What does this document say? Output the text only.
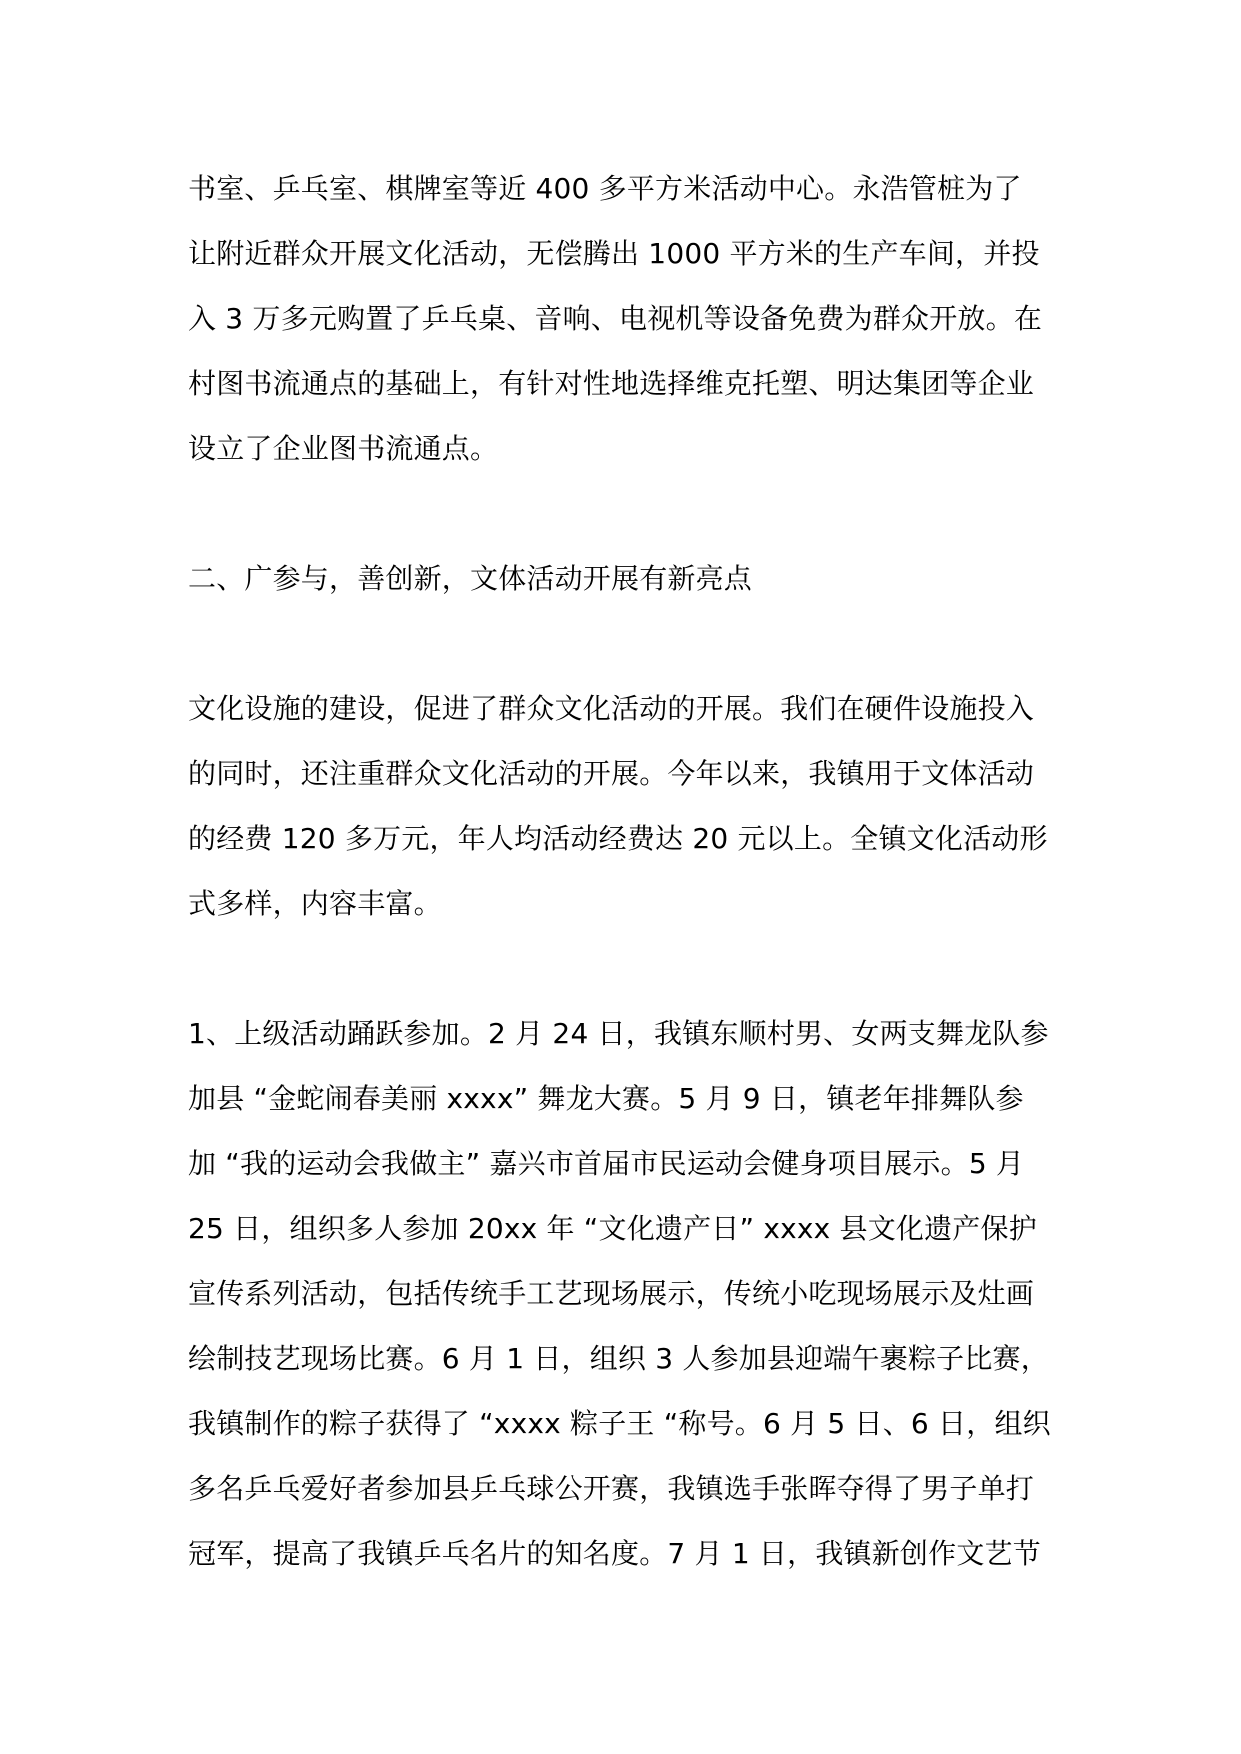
书室、乒乓室、棋牌室等近 400 多平方米活动中心。永浩管桩为了
让附近群众开展文化活动，无偿腾出 1000 平方米的生产车间，并投
入 3 万多元购置了乒乓桌、音响、电视机等设备免费为群众开放。在
村图书流通点的基础上，有针对性地选择维克托塑、明达集团等企业
设立了企业图书流通点。
二、广参与，善创新，文体活动开展有新亮点
文化设施的建设，促进了群众文化活动的开展。我们在硬件设施投入
的同时，还注重群众文化活动的开展。今年以来，我镇用于文体活动
的经费 120 多万元，年人均活动经费达 20 元以上。全镇文化活动形
式多样，内容丰富。
1、上级活动踊跃参加。2 月 24 日，我镇东顺村男、女两支舞龙队参
加县 “金蛇闹春美丽 xxxx” 舞龙大赛。5 月 9 日，镇老年排舞队参
加 “我的运动会我做主” 嘉兴市首届市民运动会健身项目展示。5 月
25 日，组织多人参加 20xx 年 “文化遗产日” xxxx 县文化遗产保护
宣传系列活动，包括传统手工艺现场展示，传统小吃现场展示及灶画
绘制技艺现场比赛。6 月 1 日，组织 3 人参加县迎端午裹粽子比赛，
我镇制作的粽子获得了 “xxxx 粽子王 “称号。6 月 5 日、6 日，组织
多名乒乓爱好者参加县乒乓球公开赛，我镇选手张晖夺得了男子单打
冠军，提高了我镇乒乓名片的知名度。7 月 1 日，我镇新创作文艺节
